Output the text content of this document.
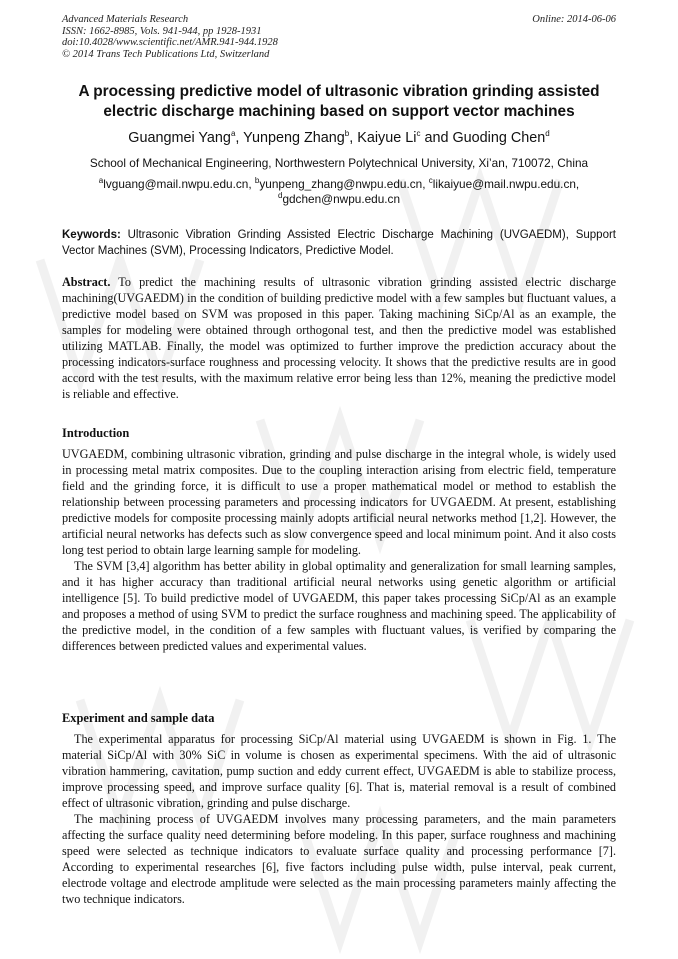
Advanced Materials Research
ISSN: 1662-8985, Vols. 941-944, pp 1928-1931
doi:10.4028/www.scientific.net/AMR.941-944.1928
© 2014 Trans Tech Publications Ltd, Switzerland
Online: 2014-06-06
A processing predictive model of ultrasonic vibration grinding assisted electric discharge machining based on support vector machines
Guangmei Yang$^a$, Yunpeng Zhang$^b$, Kaiyue Li$^c$ and Guoding Chen$^d$
School of Mechanical Engineering, Northwestern Polytechnical University, Xi’an, 710072, China
$^a$lvguang@mail.nwpu.edu.cn, $^b$yunpeng_zhang@nwpu.edu.cn, $^c$likaiyue@mail.nwpu.edu.cn,
$^d$gdchen@nwpu.edu.cn
Keywords: Ultrasonic Vibration Grinding Assisted Electric Discharge Machining (UVGAEDM), Support Vector Machines (SVM), Processing Indicators, Predictive Model.
Abstract. To predict the machining results of ultrasonic vibration grinding assisted electric discharge machining(UVGAEDM) in the condition of building predictive model with a few samples but fluctuant values, a predictive model based on SVM was proposed in this paper. Taking machining SiCp/Al as an example, the samples for modeling were obtained through orthogonal test, and then the predictive model was established utilizing MATLAB. Finally, the model was optimized to further improve the prediction accuracy about the processing indicators-surface roughness and processing velocity. It shows that the predictive results are in good accord with the test results, with the maximum relative error being less than 12%, meaning the predictive model is reliable and effective.
Introduction

UVGAEDM, combining ultrasonic vibration, grinding and pulse discharge in the integral whole, is widely used in processing metal matrix composites. Due to the coupling interaction arising from electric field, temperature field and the grinding force, it is difficult to use a proper mathematical model or method to establish the relationship between processing parameters and processing indicators for UVGAEDM. At present, establishing predictive models for composite processing mainly adopts artificial neural networks method [1,2]. However, the artificial neural networks has defects such as slow convergence speed and local minimum point. And it also costs long test period to obtain large learning sample for modeling.

The SVM [3,4] algorithm has better ability in global optimality and generalization for small learning samples, and it has higher accuracy than traditional artificial neural networks using genetic algorithm or artificial intelligence [5]. To build predictive model of UVGAEDM, this paper takes processing SiCp/Al as an example and proposes a method of using SVM to predict the surface roughness and machining speed. The applicability of the predictive model, in the condition of a few samples with fluctuant values, is verified by comparing the differences between predicted values and experimental values.

Experiment and sample data

The experimental apparatus for processing SiCp/Al material using UVGAEDM is shown in Fig. 1. The material SiCp/Al with 30% SiC in volume is chosen as experimental specimens. With the aid of ultrasonic vibration hammering, cavitation, pump suction and eddy current effect, UVGAEDM is able to stabilize process, improve processing speed, and improve surface quality [6]. That is, material removal is a result of combined effect of ultrasonic vibration, grinding and pulse discharge.

The machining process of UVGAEDM involves many processing parameters, and the main parameters affecting the surface quality need determining before modeling. In this paper, surface roughness and machining speed were selected as technique indicators to evaluate surface quality and processing performance [7]. According to experimental researches [6], five factors including pulse width, pulse interval, peak current, electrode voltage and electrode amplitude were selected as the main processing parameters mainly affecting the two technique indicators.
